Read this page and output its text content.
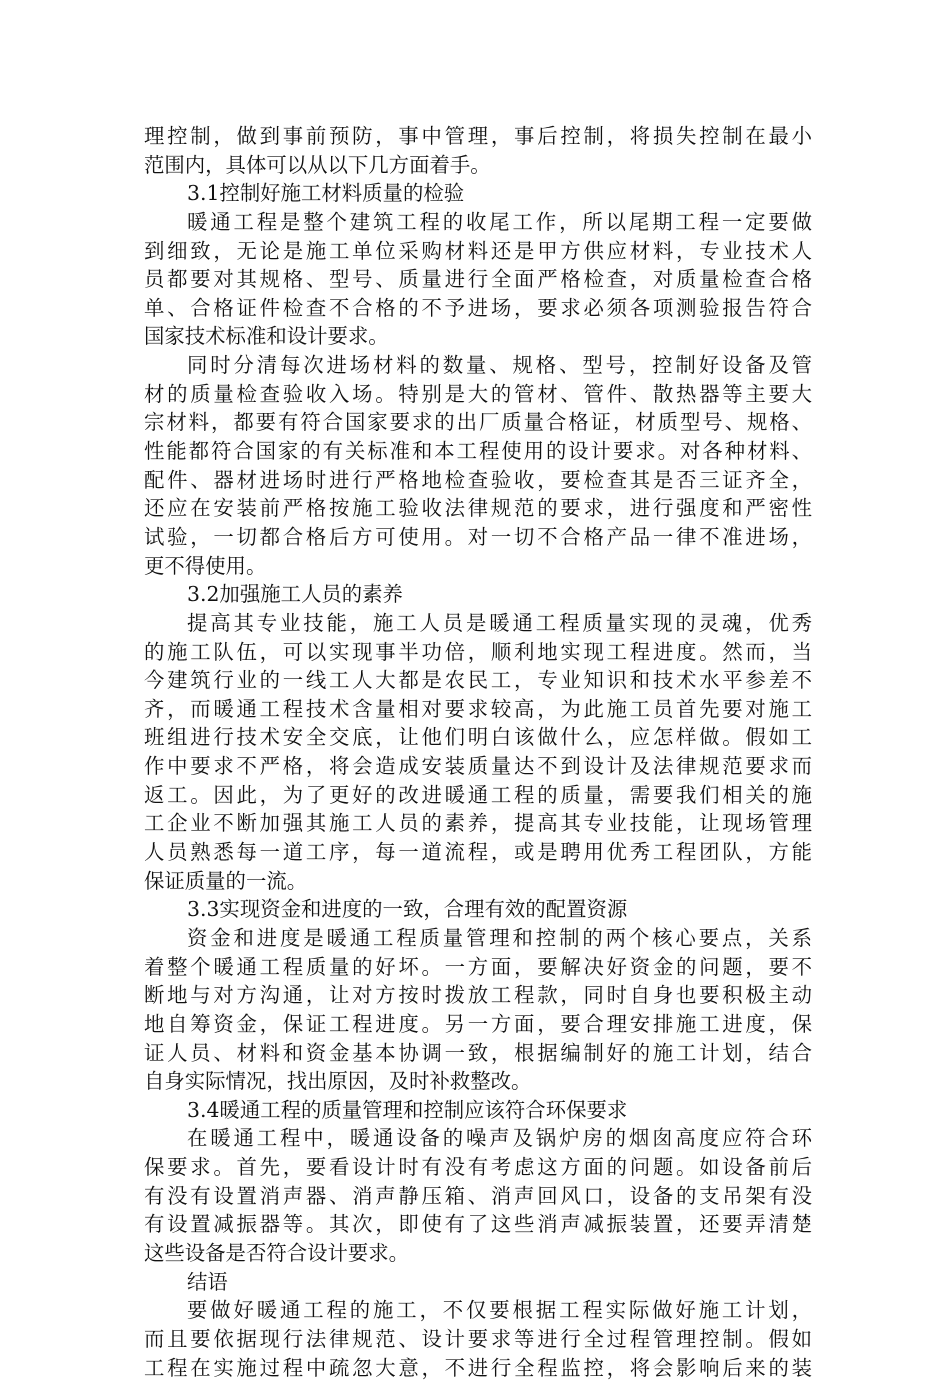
理控制，做到事前预防，事中管理，事后控制，将损失控制在最小
范围内，具体可以从以下几方面着手。
3.1控制好施工材料质量的检验
暖通工程是整个建筑工程的收尾工作，所以尾期工程一定要做
到细致，无论是施工单位采购材料还是甲方供应材料，专业技术人
员都要对其规格、型号、质量进行全面严格检查，对质量检查合格
单、合格证件检查不合格的不予进场，要求必须各项测验报告符合
国家技术标准和设计要求。
同时分清每次进场材料的数量、规格、型号，控制好设备及管
材的质量检查验收入场。特别是大的管材、管件、散热器等主要大
宗材料，都要有符合国家要求的出厂质量合格证，材质型号、规格、
性能都符合国家的有关标准和本工程使用的设计要求。对各种材料、
配件、器材进场时进行严格地检查验收，要检查其是否三证齐全，
还应在安装前严格按施工验收法律规范的要求，进行强度和严密性
试验，一切都合格后方可使用。对一切不合格产品一律不准进场，
更不得使用。
3.2加强施工人员的素养
提高其专业技能，施工人员是暖通工程质量实现的灵魂，优秀
的施工队伍，可以实现事半功倍，顺利地实现工程进度。然而，当
今建筑行业的一线工人大都是农民工，专业知识和技术水平参差不
齐，而暖通工程技术含量相对要求较高，为此施工员首先要对施工
班组进行技术安全交底，让他们明白该做什么，应怎样做。假如工
作中要求不严格，将会造成安装质量达不到设计及法律规范要求而
返工。因此，为了更好的改进暖通工程的质量，需要我们相关的施
工企业不断加强其施工人员的素养，提高其专业技能，让现场管理
人员熟悉每一道工序，每一道流程，或是聘用优秀工程团队，方能
保证质量的一流。
3.3实现资金和进度的一致，合理有效的配置资源
资金和进度是暖通工程质量管理和控制的两个核心要点，关系
着整个暖通工程质量的好坏。一方面，要解决好资金的问题，要不
断地与对方沟通，让对方按时拨放工程款，同时自身也要积极主动
地自筹资金，保证工程进度。另一方面，要合理安排施工进度，保
证人员、材料和资金基本协调一致，根据编制好的施工计划，结合
自身实际情况，找出原因，及时补救整改。
3.4暖通工程的质量管理和控制应该符合环保要求
在暖通工程中，暖通设备的噪声及锅炉房的烟囱高度应符合环
保要求。首先，要看设计时有没有考虑这方面的问题。如设备前后
有没有设置消声器、消声静压箱、消声回风口，设备的支吊架有没
有设置减振器等。其次，即使有了这些消声减振装置，还要弄清楚
这些设备是否符合设计要求。
结语
要做好暖通工程的施工，不仅要根据工程实际做好施工计划，
而且要依据现行法律规范、设计要求等进行全过程管理控制。假如
工程在实施过程中疏忽大意，不进行全程监控，将会影响后来的装
